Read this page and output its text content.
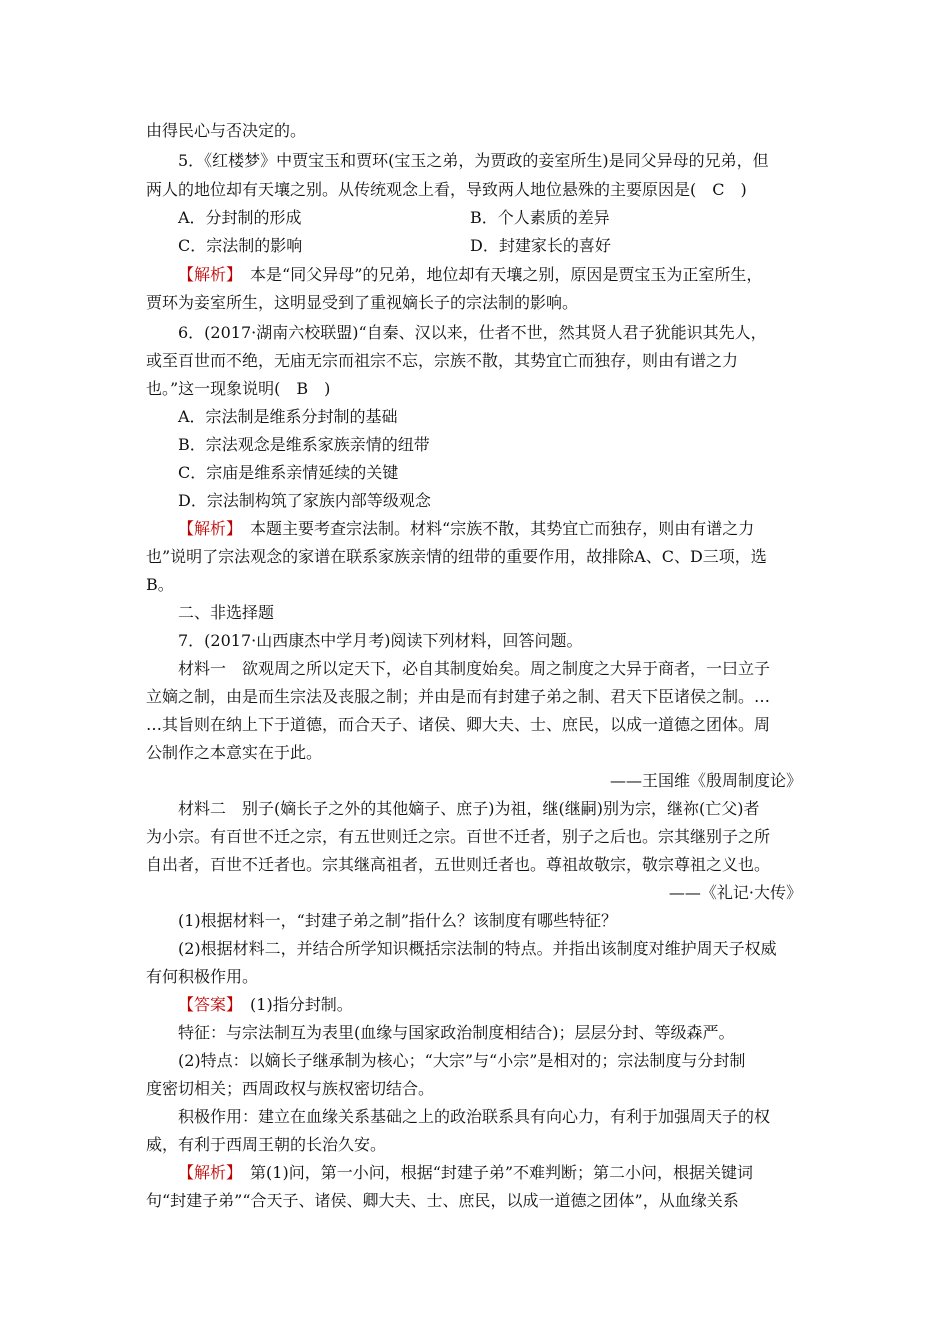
由得民心与否决定的。
5．《红楼梦》中贾宝玉和贾环(宝玉之弟，为贾政的妾室所生)是同父异母的兄弟，但
两人的地位却有天壤之别。从传统观念上看，导致两人地位悬殊的主要原因是(　C　)
A．分封制的形成	B．个人素质的差异
C．宗法制的影响	D．封建家长的喜好
【解析】　 本是“同父异母”的兄弟，地位却有天壤之别，原因是贾宝玉为正室所生，
贾环为妾室所生，这明显受到了重视嫡长子的宗法制的影响。
6．(2017·湖南六校联盟)“自秦、汉以来，仕者不世，然其贤人君子犹能识其先人，
或至百世而不绝，无庙无宗而祖宗不忘，宗族不散，其势宜亡而独存，则由有谱之力
也。”这一现象说明(　B　)
A．宗法制是维系分封制的基础
B．宗法观念是维系家族亲情的纽带
C．宗庙是维系亲情延续的关键
D．宗法制构筑了家族内部等级观念
【解析】　 本题主要考查宗法制。材料“宗族不散，其势宜亡而独存，则由有谱之力
也”说明了宗法观念的家谱在联系家族亲情的纽带的重要作用，故排除A、C、D三项，选
B。
二、非选择题
7．(2017·山西康杰中学月考)阅读下列材料，回答问题。
材料一　欲观周之所以定天下，必自其制度始矣。周之制度之大异于商者，一曰立子
立嫡之制，由是而生宗法及丧服之制；并由是而有封建子弟之制、君天下臣诸侯之制。…
…其旨则在纳上下于道德，而合天子、诸侯、卿大夫、士、庶民，以成一道德之团体。周
公制作之本意实在于此。
——王国维《殷周制度论》
材料二　别子(嫡长子之外的其他嫡子、庶子)为祖，继(继嗣)别为宗，继祢(亡父)者
为小宗。有百世不迁之宗，有五世则迁之宗。百世不迁者，别子之后也。宗其继别子之所
自出者，百世不迁者也。宗其继高祖者，五世则迁者也。尊祖故敬宗，敬宗尊祖之义也。
——《礼记·大传》
(1)根据材料一，“封建子弟之制”指什么？该制度有哪些特征？
(2)根据材料二，并结合所学知识概括宗法制的特点。并指出该制度对维护周天子权威
有何积极作用。
【答案】　 (1)指分封制。
特征：与宗法制互为表里(血缘与国家政治制度相结合)；层层分封、等级森严。
(2)特点：以嫡长子继承制为核心；“大宗”与“小宗”是相对的；宗法制度与分封制
度密切相关；西周政权与族权密切结合。
积极作用：建立在血缘关系基础之上的政治联系具有向心力，有利于加强周天子的权
威，有利于西周王朝的长治久安。
【解析】　 第(1)问，第一小问，根据“封建子弟”不难判断；第二小问，根据关键词
句“封建子弟”“合天子、诸侯、卿大夫、士、庶民，以成一道德之团体”，从血缘关系
